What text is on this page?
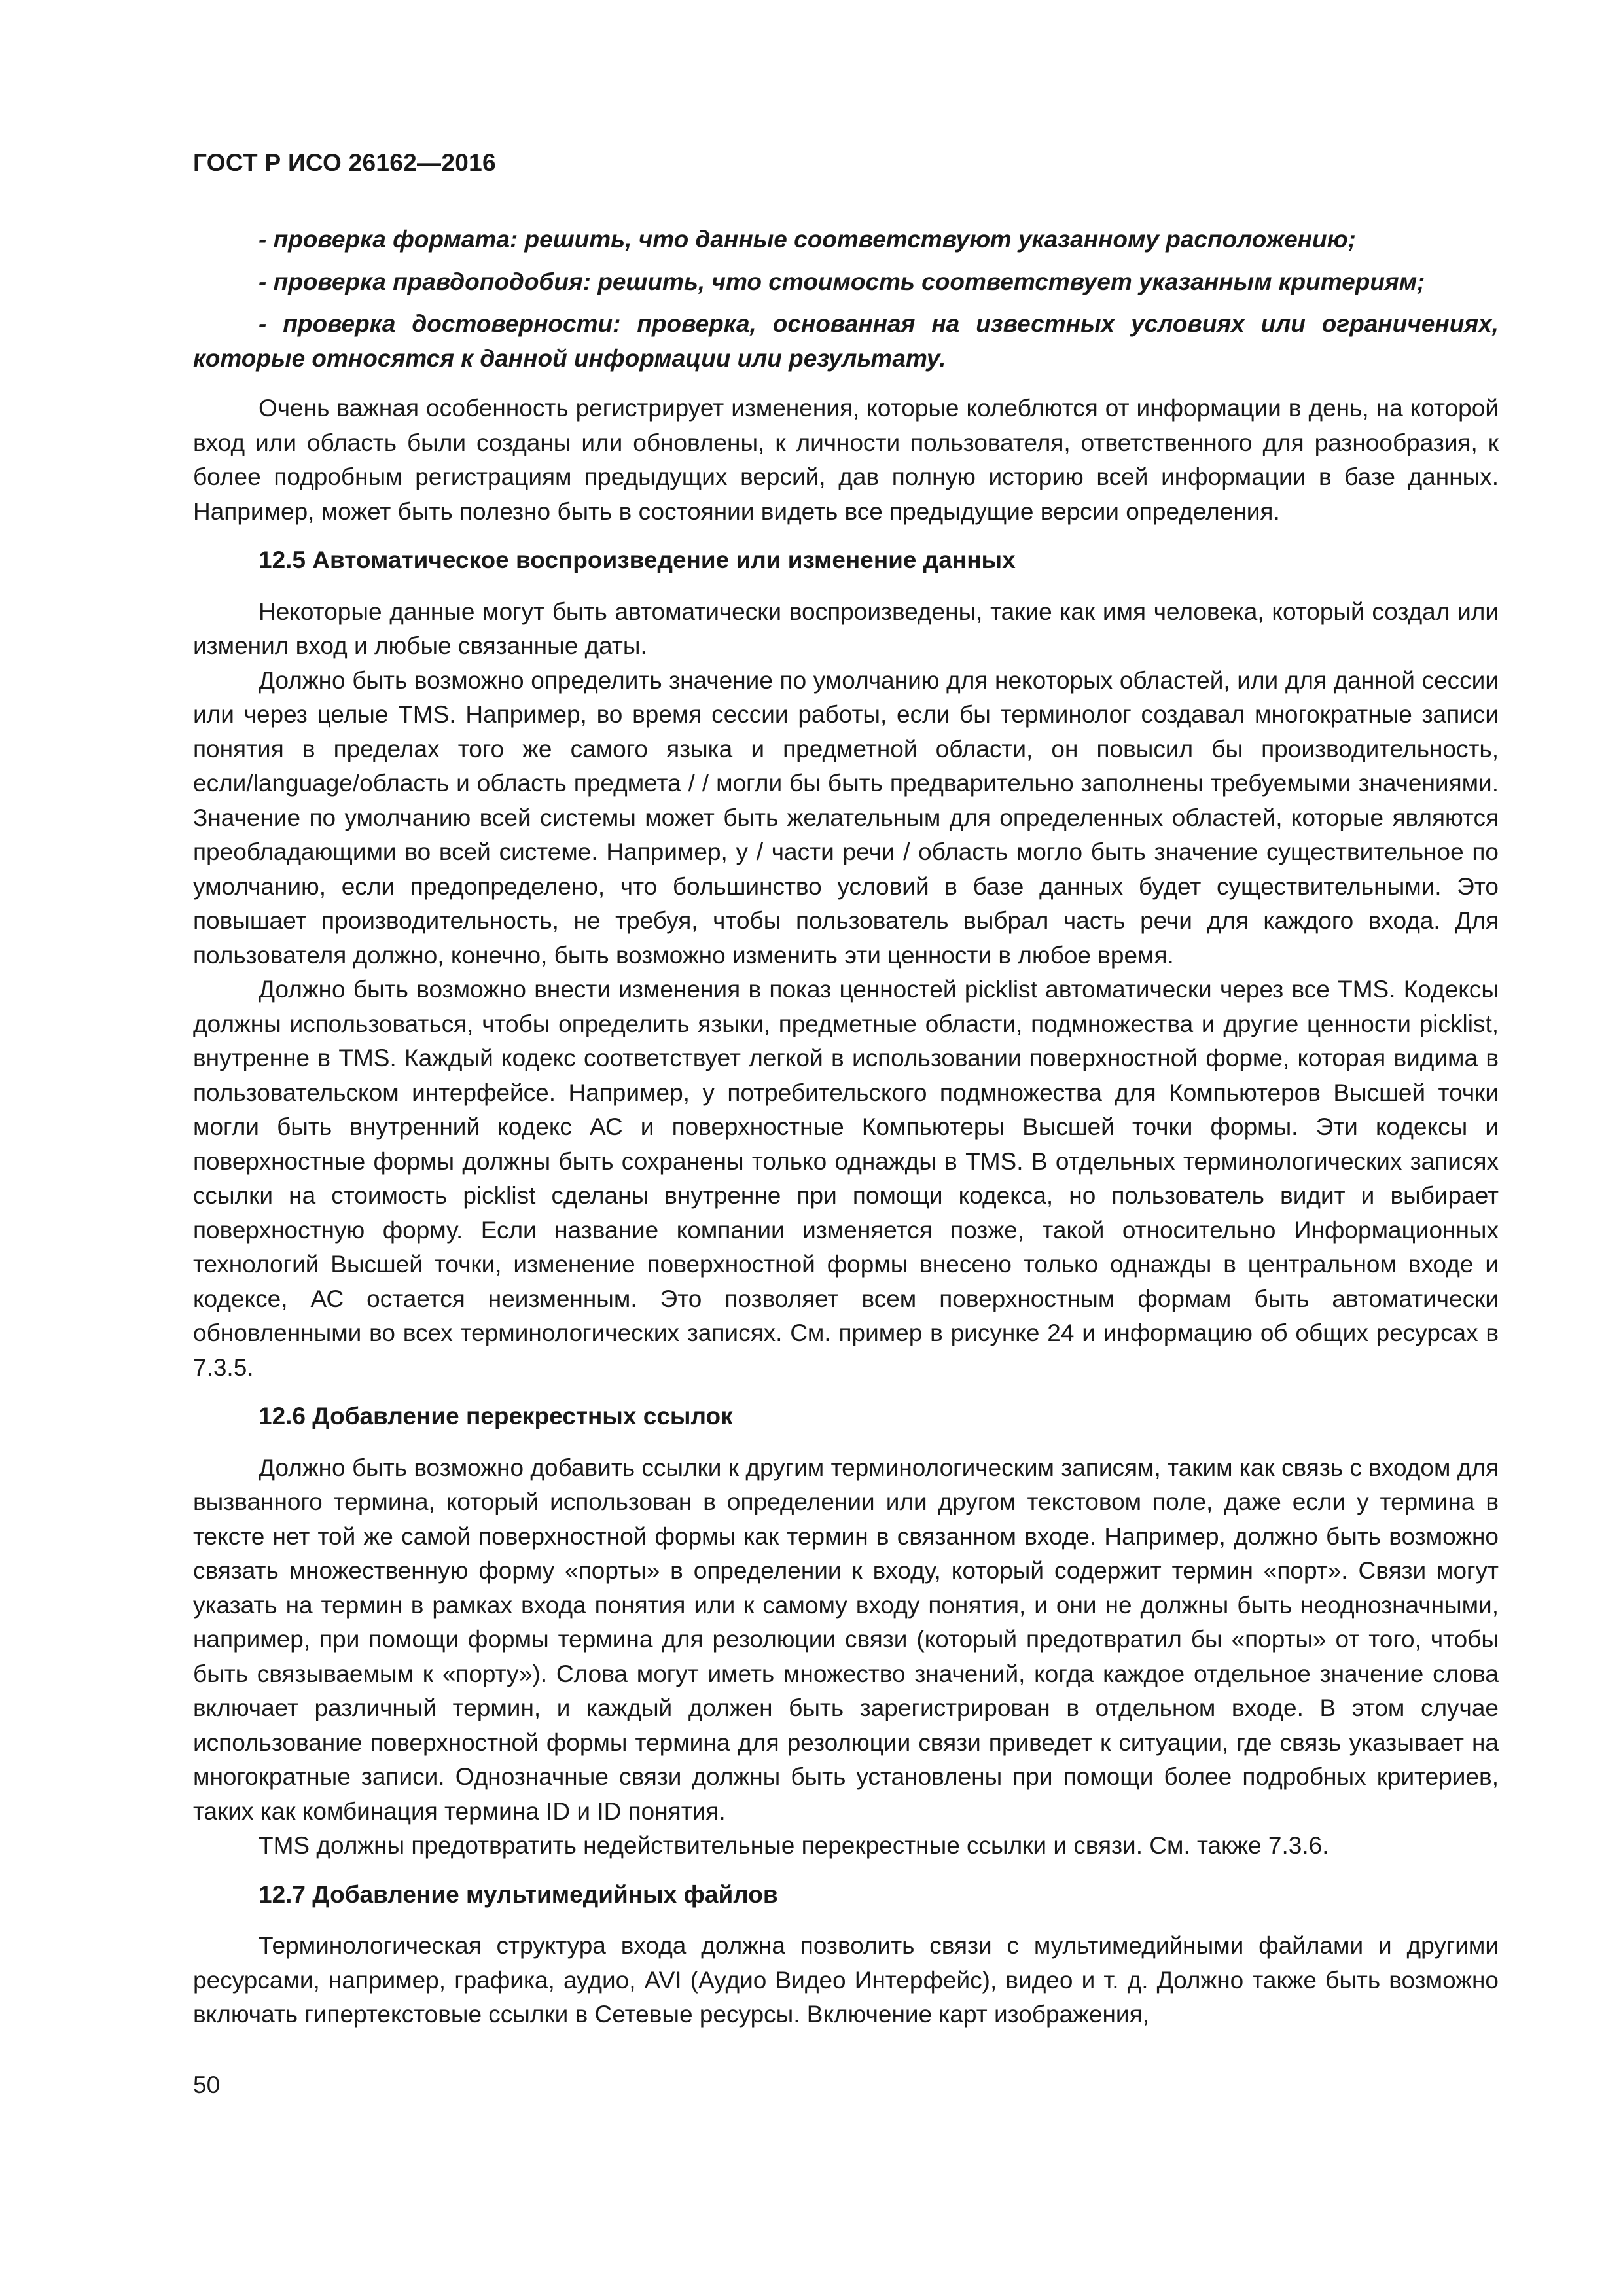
ГОСТ Р ИСО 26162—2016

- проверка формата: решить, что данные соответствуют указанному расположению;

- проверка правдоподобия: решить, что стоимость соответствует указанным критериям;

- проверка достоверности: проверка, основанная на известных условиях или ограничениях, которые относятся к данной информации или результату.

Очень важная особенность регистрирует изменения, которые колеблются от информации в день, на которой вход или область были созданы или обновлены, к личности пользователя, ответственного для разнообразия, к более подробным регистрациям предыдущих версий, дав полную историю всей информации в базе данных. Например, может быть полезно быть в состоянии видеть все предыдущие версии определения.

12.5 Автоматическое воспроизведение или изменение данных

Некоторые данные могут быть автоматически воспроизведены, такие как имя человека, который создал или изменил вход и любые связанные даты.

Должно быть возможно определить значение по умолчанию для некоторых областей, или для данной сессии или через целые TMS. Например, во время сессии работы, если бы терминолог создавал многократные записи понятия в пределах того же самого языка и предметной области, он повысил бы производительность, если/language/область и область предмета / / могли бы быть предварительно заполнены требуемыми значениями. Значение по умолчанию всей системы может быть желательным для определенных областей, которые являются преобладающими во всей системе. Например, у / части речи / область могло быть значение существительное по умолчанию, если предопределено, что большинство условий в базе данных будет существительными. Это повышает производительность, не требуя, чтобы пользователь выбрал часть речи для каждого входа. Для пользователя должно, конечно, быть возможно изменить эти ценности в любое время.

Должно быть возможно внести изменения в показ ценностей picklist автоматически через все TMS. Кодексы должны использоваться, чтобы определить языки, предметные области, подмножества и другие ценности picklist, внутренне в TMS. Каждый кодекс соответствует легкой в использовании поверхностной форме, которая видима в пользовательском интерфейсе. Например, у потребительского подмножества для Компьютеров Высшей точки могли быть внутренний кодекс АС и поверхностные Компьютеры Высшей точки формы. Эти кодексы и поверхностные формы должны быть сохранены только однажды в TMS. В отдельных терминологических записях ссылки на стоимость picklist сделаны внутренне при помощи кодекса, но пользователь видит и выбирает поверхностную форму. Если название компании изменяется позже, такой относительно Информационных технологий Высшей точки, изменение поверхностной формы внесено только однажды в центральном входе и кодексе, АС остается неизменным. Это позволяет всем поверхностным формам быть автоматически обновленными во всех терминологических записях. См. пример в рисунке 24 и информацию об общих ресурсах в 7.3.5.

12.6 Добавление перекрестных ссылок

Должно быть возможно добавить ссылки к другим терминологическим записям, таким как связь с входом для вызванного термина, который использован в определении или другом текстовом поле, даже если у термина в тексте нет той же самой поверхностной формы как термин в связанном входе. Например, должно быть возможно связать множественную форму «порты» в определении к входу, который содержит термин «порт». Связи могут указать на термин в рамках входа понятия или к самому входу понятия, и они не должны быть неоднозначными, например, при помощи формы термина для резолюции связи (который предотвратил бы «порты» от того, чтобы быть связываемым к «порту»). Слова могут иметь множество значений, когда каждое отдельное значение слова включает различный термин, и каждый должен быть зарегистрирован в отдельном входе. В этом случае использование поверхностной формы термина для резолюции связи приведет к ситуации, где связь указывает на многократные записи. Однозначные связи должны быть установлены при помощи более подробных критериев, таких как комбинация термина ID и ID понятия.

TMS должны предотвратить недействительные перекрестные ссылки и связи. См. также 7.3.6.

12.7 Добавление мультимедийных файлов

Терминологическая структура входа должна позволить связи с мультимедийными файлами и другими ресурсами, например, графика, аудио, AVI (Аудио Видео Интерфейс), видео и т. д. Должно также быть возможно включать гипертекстовые ссылки в Сетевые ресурсы. Включение карт изображения,

50
